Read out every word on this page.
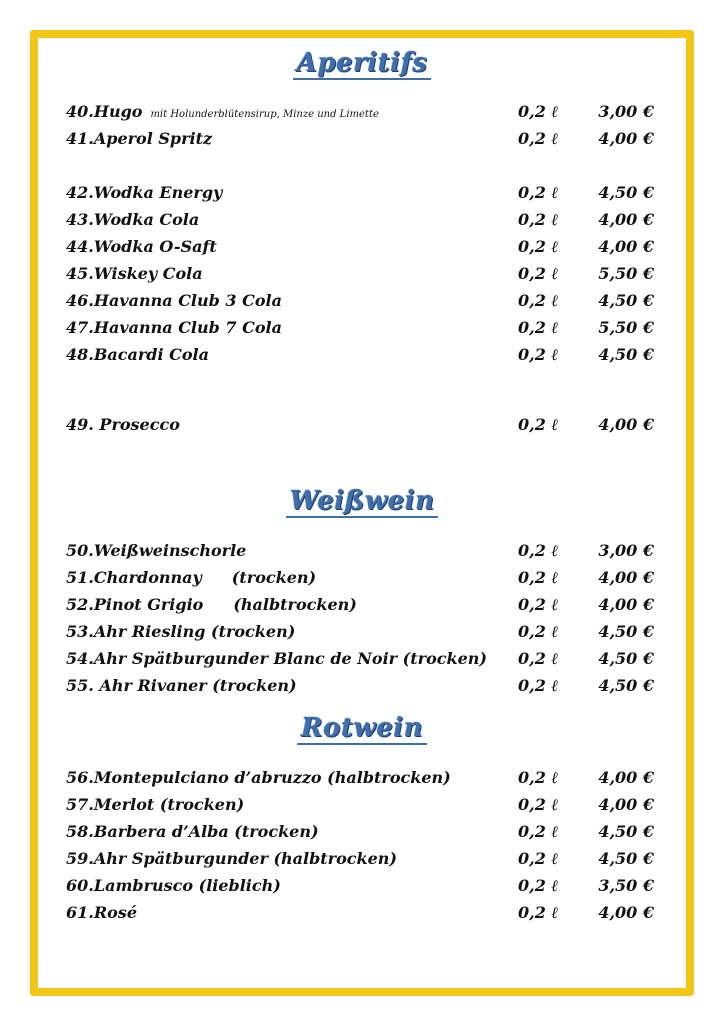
Aperitifs
40.Hugo mit Holunderblütensirup, Minze und Limette	0,2 ℓ	3,00 €
41.Aperol Spritz	0,2 ℓ	4,00 €
42.Wodka Energy	0,2 ℓ	4,50 €
43.Wodka Cola	0,2 ℓ	4,00 €
44.Wodka O-Saft	0,2 ℓ	4,00 €
45.Wiskey Cola	0,2 ℓ	5,50 €
46.Havanna Club 3 Cola	0,2 ℓ	4,50 €
47.Havanna Club 7 Cola	0,2 ℓ	5,50 €
48.Bacardi Cola	0,2 ℓ	4,50 €
49. Prosecco	0,2 ℓ	4,00 €
Weißwein
50.Weißweinschorle	0,2 ℓ	3,00 €
51.Chardonnay (trocken)	0,2 ℓ	4,00 €
52.Pinot Grigio (halbtrocken)	0,2 ℓ	4,00 €
53.Ahr Riesling (trocken)	0,2 ℓ	4,50 €
54.Ahr Spätburgunder Blanc de Noir (trocken) 0,2 ℓ	4,50 €
55. Ahr Rivaner (trocken)	0,2 ℓ	4,50 €
Rotwein
56.Montepulciano d’abruzzo (halbtrocken)	0,2 ℓ	4,00 €
57.Merlot (trocken)	0,2 ℓ	4,00 €
58.Barbera d’Alba (trocken)	0,2 ℓ	4,50 €
59.Ahr Spätburgunder (halbtrocken)	0,2 ℓ	4,50 €
60.Lambrusco (lieblich)	0,2 ℓ	3,50 €
61.Rosé	0,2 ℓ	4,00 €
